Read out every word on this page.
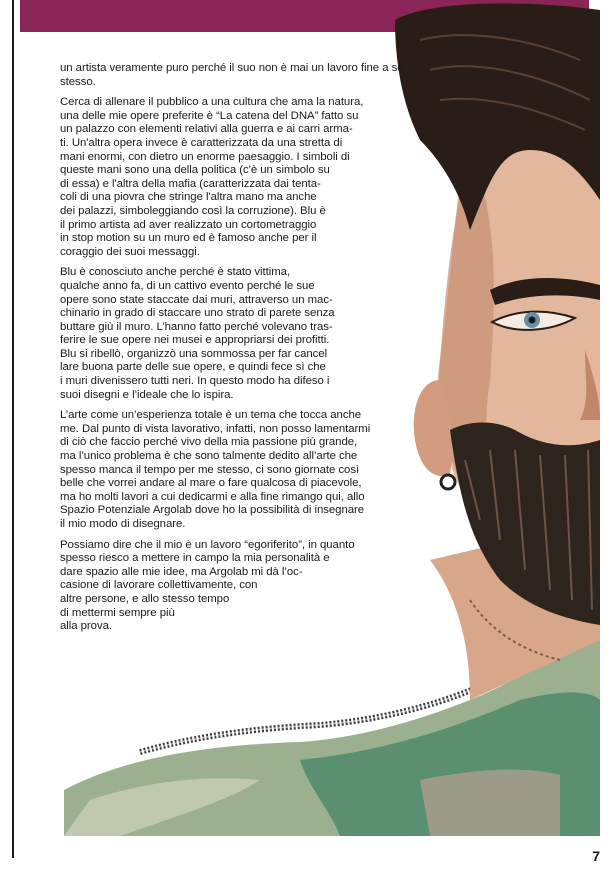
un artista veramente puro perché il suo non è mai un lavoro fine a sè
stesso.

Cerca di allenare il pubblico a una cultura che ama la natura,
una delle mie opere preferite è “La catena del DNA” fatto su
un palazzo con elementi relativi alla guerra e ai carri arma-
ti. Un'altra opera invece è caratterizzata da una stretta di
mani enormi, con dietro un enorme paesaggio. I simboli di
queste mani sono una della politica (c'è un simbolo su
di essa) e l'altra della mafia (caratterizzata dai tenta-
coli di una piovra che stringe l'altra mano ma anche
dei palazzi, simboleggiando così la corruzione). Blu è
il primo artista ad aver realizzato un cortometraggio
in stop motion su un muro ed è famoso anche per il
coraggio dei suoi messaggi.

Blu è conosciuto anche perché è stato vittima,
qualche anno fa, di un cattivo evento perché le sue
opere sono state staccate dai muri, attraverso un mac-
chinario in grado di staccare uno strato di parete senza
buttare giù il muro. L’hanno fatto perché volevano tras-
ferire le sue opere nei musei e appropriarsi dei profitti.
Blu si ribellò, organizzò una sommossa per far cancel
lare buona parte delle sue opere, e quindi fece sì che
i muri divenissero tutti neri. In questo modo ha difeso i
suoi disegni e l’ideale che lo ispira.

L’arte come un’esperienza totale è un tema che tocca anche
me. Dal punto di vista lavorativo, infatti, non posso lamentarmi
di ciò che faccio perché vivo della mia passione più grande,
ma l’unico problema è che sono talmente dedito all’arte che
spesso manca il tempo per me stesso, ci sono giornate così
belle che vorrei andare al mare o fare qualcosa di piacevole,
ma ho molti lavori a cui dedicarmi e alla fine rimango qui, allo
Spazio Potenziale Argolab dove ho la possibilità di insegnare
il mio modo di disegnare.

Possiamo dire che il mio è un lavoro “egoriferito”, in quanto
spesso riesco a mettere in campo la mia personalità e
dare spazio alle mie idee, ma Argolab mi dà l’oc-
casione di lavorare collettivamente, con
altre persone, e allo stesso tempo
di mettermi sempre più
alla prova.

7
